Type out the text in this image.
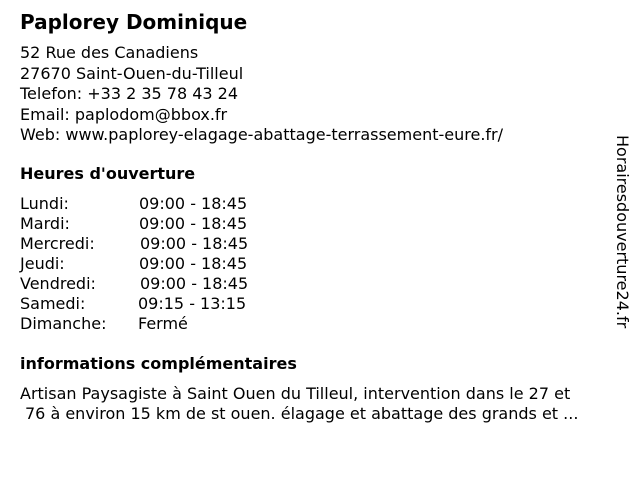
Paplorey Dominique
52 Rue des Canadiens
27670 Saint-Ouen-du-Tilleul
Telefon: +33 2 35 78 43 24
Email: paplodom@bbox.fr
Web: www.paplorey-elagage-abattage-terrassement-eure.fr/
Heures d'ouverture
Lundi:	09:00 - 18:45
Mardi:	09:00 - 18:45
Mercredi:	09:00 - 18:45
Jeudi:	09:00 - 18:45
Vendredi:	09:00 - 18:45
Samedi:	09:15 - 13:15
Dimanche: Fermé
informations complémentaires
Artisan Paysagiste à Saint Ouen du Tilleul, intervention dans le 27 et
76 à environ 15 km de st ouen. élagage et abattage des grands et ...
Horairesdouverture24.fr
